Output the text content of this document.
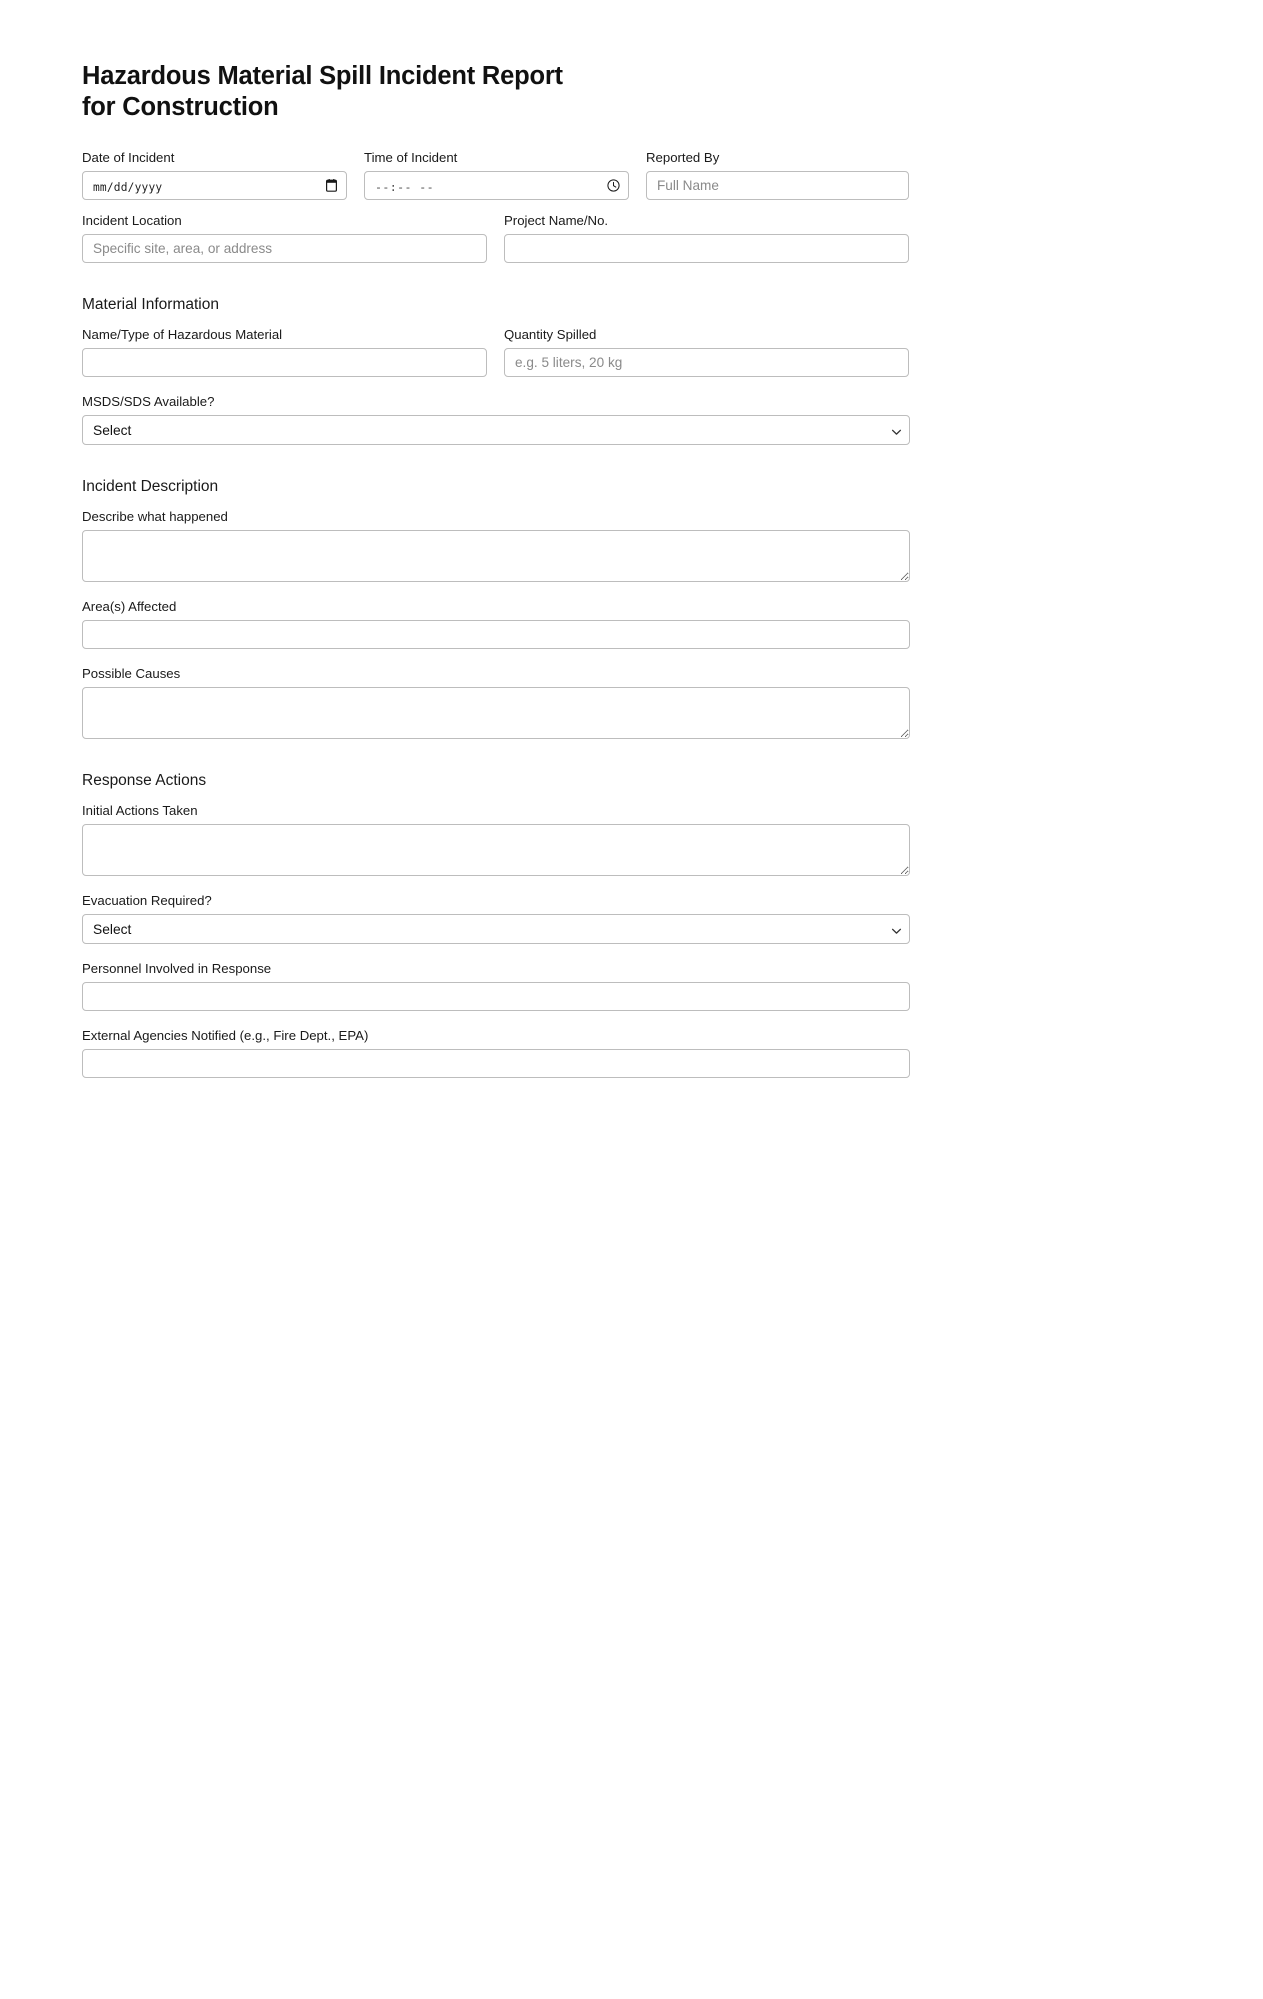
Hazardous Material Spill Incident Report
for Construction
Date of Incident
mm/dd/yyyy
Time of Incident
--:-- --
Reported By
Full Name
Incident Location
Specific site, area, or address	Project Name/No.
Material Information
Name/Type of Hazardous Material	Quantity Spilled
e.g. 5 liters, 20 kg
MSDS/SDS Available?
Select
Incident Description
Describe what happened
Area(s) Affected
Possible Causes
Response Actions
Initial Actions Taken
Evacuation Required?
Select
Personnel Involved in Response
External Agencies Notified (e.g., Fire Dept., EPA)
